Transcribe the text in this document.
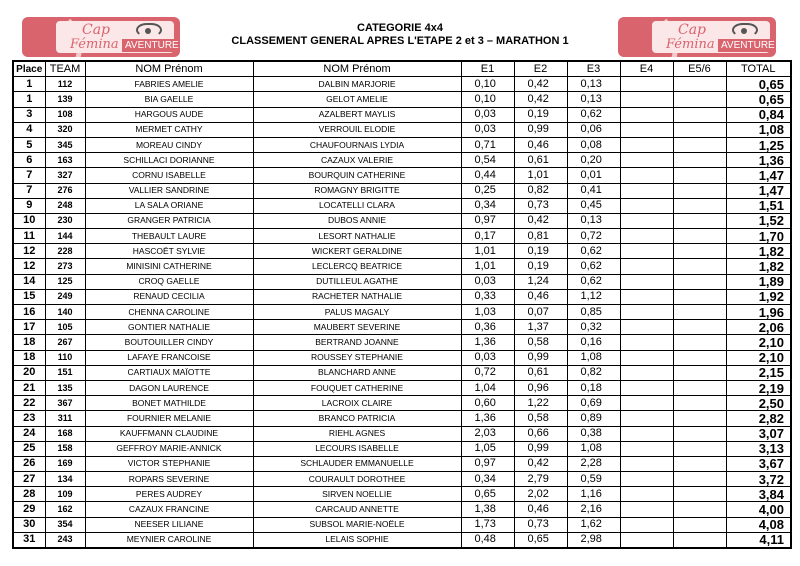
Cap
Fémina AVENTURE
CATEGORIE 4x4
CLASSEMENT GENERAL APRES L'ETAPE 2 et 3 – MARATHON 1
Cap
Fémina AVENTURE
Place	TEAM	NOM Prénom	NOM Prénom	E1	E2	E3	E4	E5/6	TOTAL
1	112	FABRIES AMELIE	DALBIN MARJORIE	0,10	0,42	0,13			0,65
1	139	BIA GAELLE	GELOT AMELIE	0,10	0,42	0,13			0,65
3	108	HARGOUS AUDE	AZALBERT MAYLIS	0,03	0,19	0,62			0,84
4	320	MERMET CATHY	VERROUIL ELODIE	0,03	0,99	0,06			1,08
5	345	MOREAU CINDY	CHAUFOURNAIS LYDIA	0,71	0,46	0,08			1,25
6	163	SCHILLACI DORIANNE	CAZAUX VALERIE	0,54	0,61	0,20			1,36
7	327	CORNU ISABELLE	BOURQUIN CATHERINE	0,44	1,01	0,01			1,47
7	276	VALLIER SANDRINE	ROMAGNY BRIGITTE	0,25	0,82	0,41			1,47
9	248	LA SALA ORIANE	LOCATELLI CLARA	0,34	0,73	0,45			1,51
10	230	GRANGER PATRICIA	DUBOS ANNIE	0,97	0,42	0,13			1,52
11	144	THEBAULT LAURE	LESORT NATHALIE	0,17	0,81	0,72			1,70
12	228	HASCOËT SYLVIE	WICKERT GERALDINE	1,01	0,19	0,62			1,82
12	273	MINISINI CATHERINE	LECLERCQ BEATRICE	1,01	0,19	0,62			1,82
14	125	CROQ GAELLE	DUTILLEUL AGATHE	0,03	1,24	0,62			1,89
15	249	RENAUD CECILIA	RACHETER NATHALIE	0,33	0,46	1,12			1,92
16	140	CHENNA CAROLINE	PALUS MAGALY	1,03	0,07	0,85			1,96
17	105	GONTIER NATHALIE	MAUBERT SEVERINE	0,36	1,37	0,32			2,06
18	267	BOUTOUILLER CINDY	BERTRAND JOANNE	1,36	0,58	0,16			2,10
18	110	LAFAYE FRANCOISE	ROUSSEY STEPHANIE	0,03	0,99	1,08			2,10
20	151	CARTIAUX MAÏOTTE	BLANCHARD ANNE	0,72	0,61	0,82			2,15
21	135	DAGON LAURENCE	FOUQUET CATHERINE	1,04	0,96	0,18			2,19
22	367	BONET MATHILDE	LACROIX CLAIRE	0,60	1,22	0,69			2,50
23	311	FOURNIER MELANIE	BRANCO PATRICIA	1,36	0,58	0,89			2,82
24	168	KAUFFMANN CLAUDINE	RIEHL AGNES	2,03	0,66	0,38			3,07
25	158	GEFFROY MARIE-ANNICK	LECOURS ISABELLE	1,05	0,99	1,08			3,13
26	169	VICTOR STEPHANIE	SCHLAUDER EMMANUELLE	0,97	0,42	2,28			3,67
27	134	ROPARS SEVERINE	COURAULT DOROTHEE	0,34	2,79	0,59			3,72
28	109	PERES AUDREY	SIRVEN NOELLIE	0,65	2,02	1,16			3,84
29	162	CAZAUX FRANCINE	CARCAUD ANNETTE	1,38	0,46	2,16			4,00
30	354	NEESER LILIANE	SUBSOL MARIE-NOËLE	1,73	0,73	1,62			4,08
31	243	MEYNIER CAROLINE	LELAIS SOPHIE	0,48	0,65	2,98			4,11
